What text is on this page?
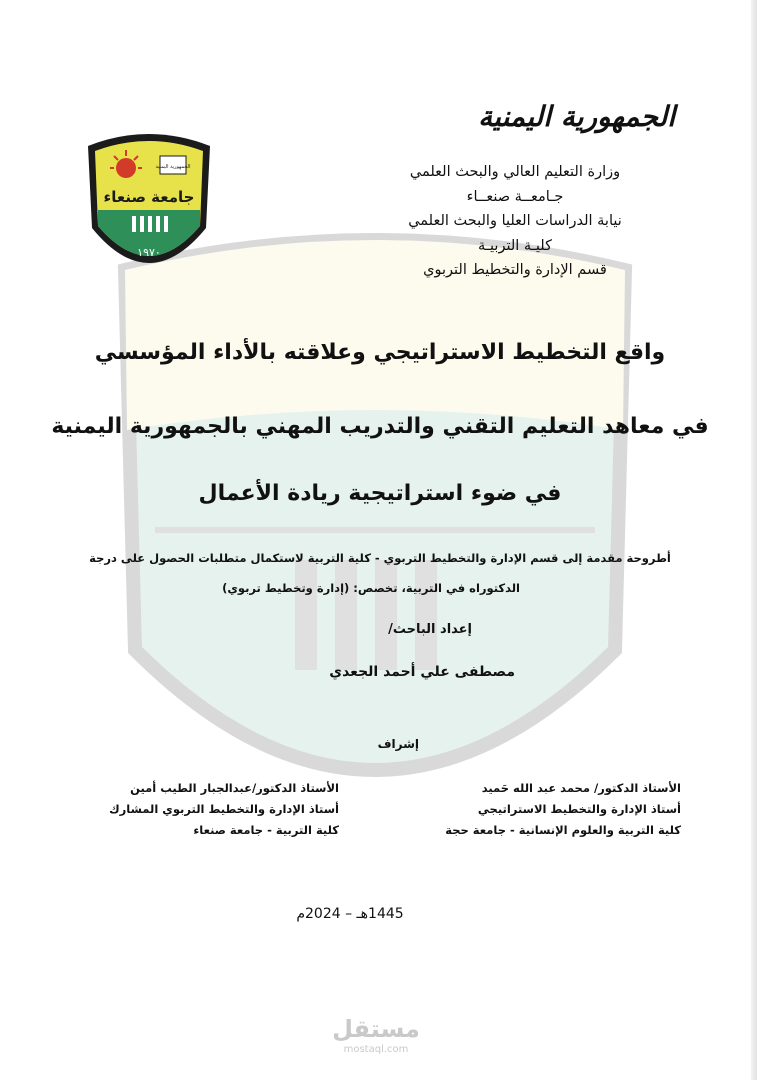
الجمهورية اليمنية
جامعة صنعاء
١٩٧٠
الجمهورية اليمنية
وزارة التعليم العالي والبحث العلمي
جـامعــة صنعــاء
نيابة الدراسات العليا والبحث العلمي
كليـة التربيـة
قسم الإدارة والتخطيط التربوي
واقع التخطيط الاستراتيجي وعلاقته بالأداء المؤسسي
في معاهد التعليم التقني والتدريب المهني بالجمهورية اليمنية
في ضوء استراتيجية ريادة الأعمال
أطروحة مقدمة إلى قسم الإدارة والتخطيط التربوي - كلية التربية لاستكمال متطلبات الحصول على درجة
الدكتوراه في التربية، تخصص: (إدارة وتخطيط تربوي)
إعداد الباحث/
مصطفى علي أحمد الجعدي
إشراف
الأستاذ الدكتور/ محمد عبد الله حَميد
أستاذ الإدارة والتخطيط الاستراتيجي
كلية التربية والعلوم الإنسانية - جامعة حجة
الأستاذ الدكتور/عبدالجبار الطيب أمين
أستاذ الإدارة والتخطيط التربوي المشارك
كلية التربية - جامعة صنعاء
1445هـ – 2024م
مستقل
mostaql.com
